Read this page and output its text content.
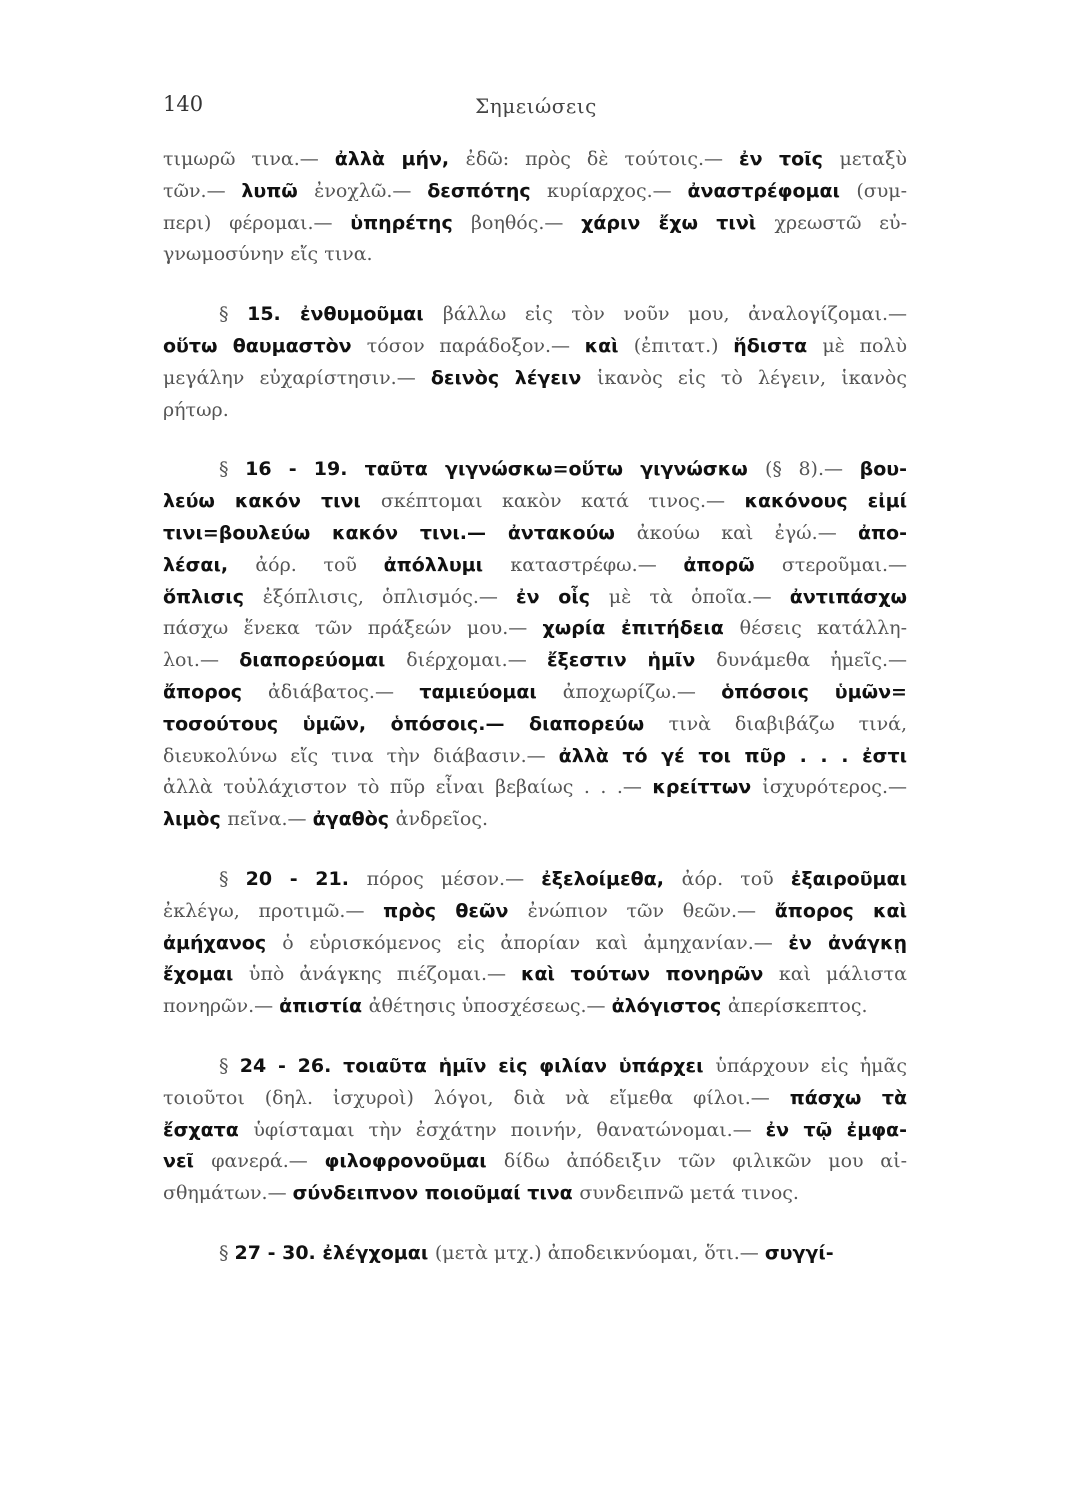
140	Σημειώσεις
τιμωρῶ τινα.— ἀλλὰ μήν, ἐδῶ: πρὸς δὲ τούτοις.— ἐν τοῖς μεταξὺ
τῶν.— λυπῶ ἐνοχλῶ.— δεσπότης κυρίαρχος.— ἀναστρέφομαι (συμ-
περι) φέρομαι.— ὑπηρέτης βοηθός.— χάριν ἔχω τινὶ χρεωστῶ εὐ-
γνωμοσύνην εἴς τινα.
§ 15. ἐνθυμοῦμαι βάλλω εἰς τὸν νοῦν μου, ἀναλογίζομαι.—
οὕτω θαυμαστὸν τόσον παράδοξον.— καὶ (ἐπιτατ.) ἥδιστα μὲ πολὺ
μεγάλην εὐχαρίστησιν.— δεινὸς λέγειν ἱκανὸς εἰς τὸ λέγειν, ἱκανὸς
ρήτωρ.
§ 16 - 19. ταῦτα γιγνώσκω=οὕτω γιγνώσκω (§ 8).— βου-
λεύω κακόν τινι σκέπτομαι κακὸν κατά τινος.— κακόνους εἰμί
τινι=βουλεύω κακόν τινι.— ἀντακούω ἀκούω καὶ ἐγώ.— ἀπο-
λέσαι, ἀόρ. τοῦ ἀπόλλυμι καταστρέφω.— ἀπορῶ στεροῦμαι.—
ὅπλισις ἐξόπλισις, ὁπλισμός.— ἐν οἷς μὲ τὰ ὁποῖα.— ἀντιπάσχω
πάσχω ἕνεκα τῶν πράξεών μου.— χωρία ἐπιτήδεια θέσεις κατάλλη-
λοι.— διαπορεύομαι διέρχομαι.— ἔξεστιν ἡμῖν δυνάμεθα ἡμεῖς.—
ἄπορος ἀδιάβατος.— ταμιεύομαι ἀποχωρίζω.— ὁπόσοις ὑμῶν=
τοσούτους ὑμῶν, ὁπόσοις.— διαπορεύω τινὰ διαβιβάζω τινά,
διευκολύνω εἴς τινα τὴν διάβασιν.— ἀλλὰ τό γέ τοι πῦρ . . . ἐστι
ἀλλὰ τοὐλάχιστον τὸ πῦρ εἶναι βεβαίως . . .— κρείττων ἰσχυρότερος.—
λιμὸς πεῖνα.— ἀγαθὸς ἀνδρεῖος.
§ 20 - 21. πόρος μέσον.— ἐξελοίμεθα, ἀόρ. τοῦ ἐξαιροῦμαι
ἐκλέγω, προτιμῶ.— πρὸς θεῶν ἐνώπιον τῶν θεῶν.— ἄπορος καὶ
ἀμήχανος ὁ εὑρισκόμενος εἰς ἀπορίαν καὶ ἀμηχανίαν.— ἐν ἀνάγκῃ
ἔχομαι ὑπὸ ἀνάγκης πιέζομαι.— καὶ τούτων πονηρῶν καὶ μάλιστα
πονηρῶν.— ἀπιστία ἀθέτησις ὑποσχέσεως.— ἀλόγιστος ἀπερίσκεπτος.
§ 24 - 26. τοιαῦτα ἡμῖν εἰς φιλίαν ὑπάρχει ὑπάρχουν εἰς ἡμᾶς
τοιοῦτοι (δηλ. ἰσχυροὶ) λόγοι, διὰ νὰ εἴμεθα φίλοι.— πάσχω τὰ
ἔσχατα ὑφίσταμαι τὴν ἐσχάτην ποινήν, θανατώνομαι.— ἐν τῷ ἐμφα-
νεῖ φανερά.— φιλοφρονοῦμαι δίδω ἀπόδειξιν τῶν φιλικῶν μου αἰ-
σθημάτων.— σύνδειπνον ποιοῦμαί τινα συνδειπνῶ μετά τινος.
§ 27 - 30. ἐλέγχομαι (μετὰ μτχ.) ἀποδεικνύομαι, ὅτι.— συγγί-
